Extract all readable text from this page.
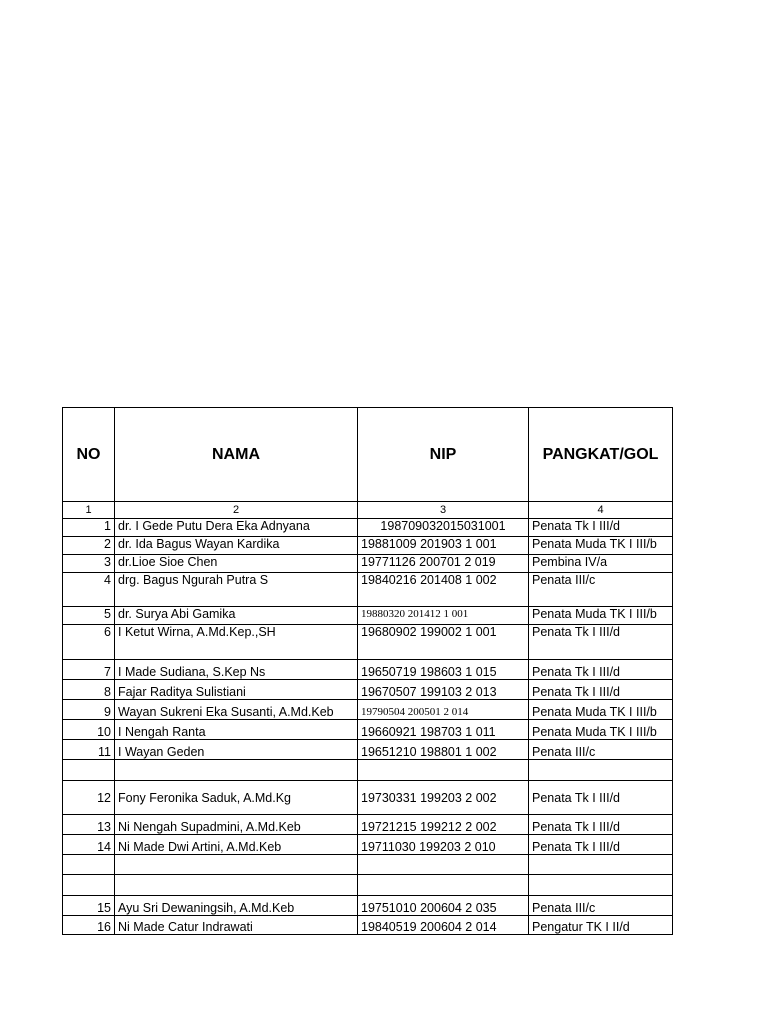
NO	NAMA	NIP	PANGKAT/GOL
1	2	3	4
1	dr. I Gede Putu Dera Eka Adnyana	198709032015031001	Penata Tk I III/d
2	dr. Ida Bagus Wayan Kardika	19881009 201903 1 001	Penata Muda TK I III/b
3	dr.Lioe Sioe Chen	19771126 200701 2 019	Pembina IV/a
4	drg. Bagus Ngurah Putra S	19840216 201408 1 002	Penata III/c
5	dr. Surya Abi Gamika	19880320 201412 1 001	Penata Muda TK I III/b
6	I Ketut Wirna, A.Md.Kep.,SH	19680902 199002 1 001	Penata Tk I III/d
7	I Made Sudiana, S.Kep Ns	19650719 198603 1 015	Penata Tk I III/d
8	Fajar Raditya Sulistiani	19670507 199103 2 013	Penata Tk I III/d
9	Wayan Sukreni Eka Susanti, A.Md.Keb	19790504 200501 2 014	Penata Muda TK I III/b
10	I Nengah Ranta	19660921 198703 1 011	Penata Muda TK I III/b
11	I Wayan Geden	19651210 198801 1 002	Penata III/c

12	Fony Feronika Saduk, A.Md.Kg	19730331 199203 2 002	Penata Tk I III/d
13	Ni Nengah Supadmini, A.Md.Keb	19721215 199212 2 002	Penata Tk I III/d
14	Ni Made Dwi Artini, A.Md.Keb	19711030 199203 2 010	Penata Tk I III/d

15	Ayu Sri Dewaningsih, A.Md.Keb	19751010 200604 2 035	Penata III/c
16	Ni Made Catur Indrawati	19840519 200604 2 014	Pengatur TK I II/d
